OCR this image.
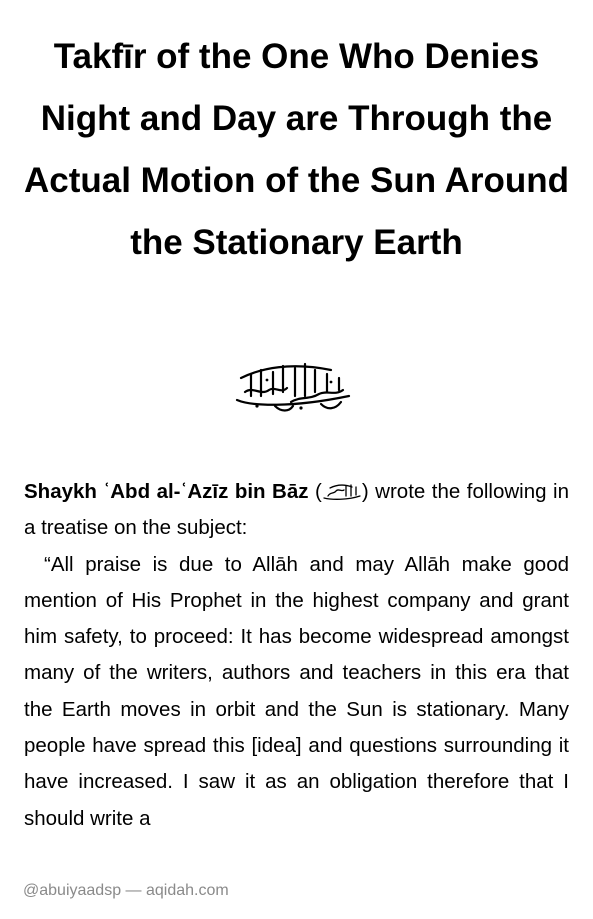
Takfīr of the One Who Denies Night and Day are Through the Actual Motion of the Sun Around the Stationary Earth

Shaykh ʿAbd al-ʿAzīz bin Bāz ( ) wrote the following in a treatise on the subject:

“All praise is due to Allāh and may Allāh make good mention of His Prophet in the highest company and grant him safety, to proceed: It has become widespread amongst many of the writers, authors and teachers in this era that the Earth moves in orbit and the Sun is stationary. Many people have spread this [idea] and questions surrounding it have increased. I saw it as an obligation therefore that I should write a

@abuiyaadsp — aqidah.com
